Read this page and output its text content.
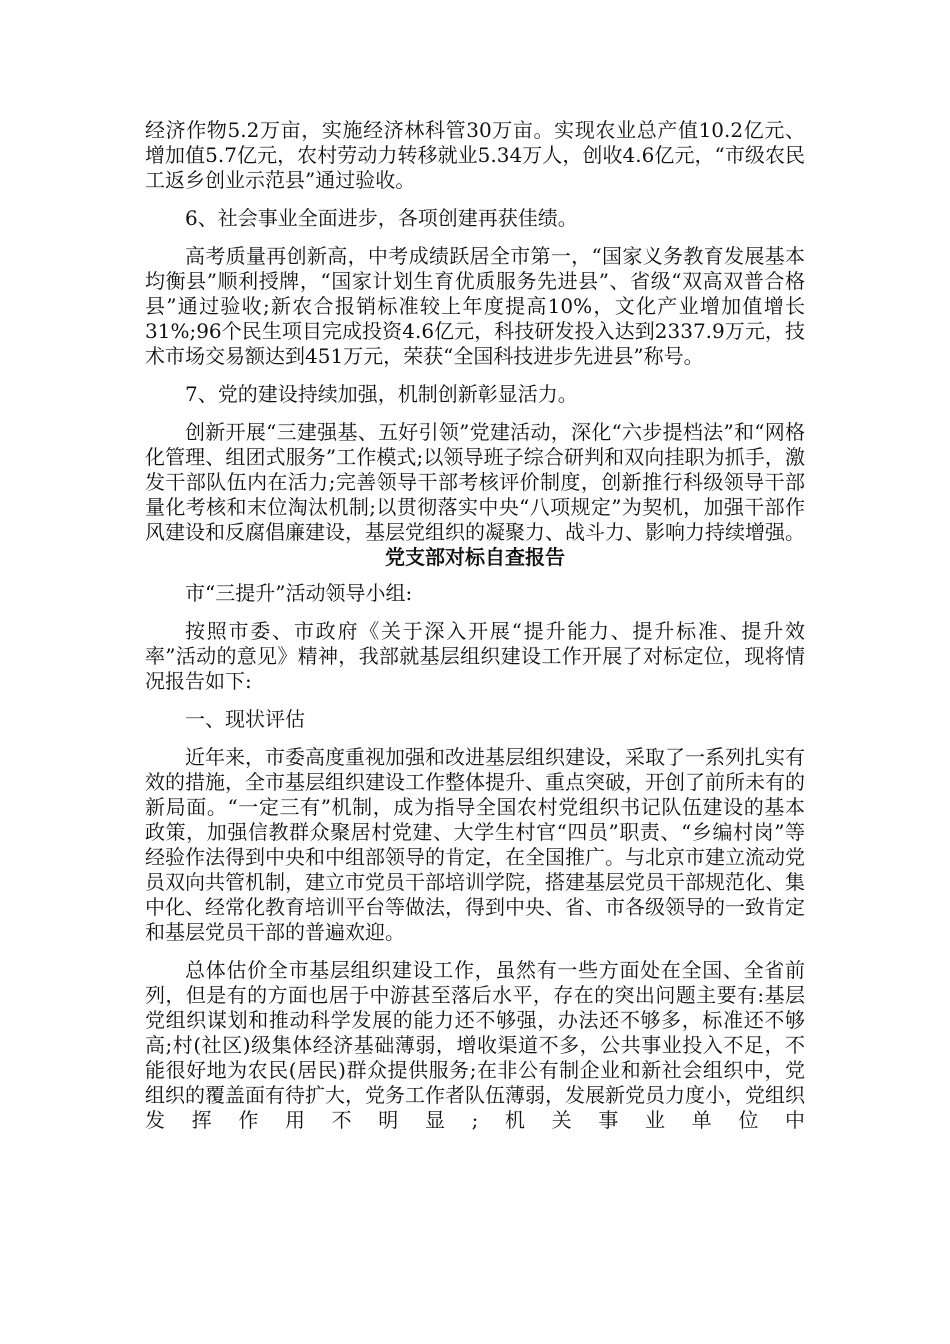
经济作物5.2万亩，实施经济林科管30万亩。实现农业总产值10.2亿元、增加值5.7亿元，农村劳动力转移就业5.34万人，创收4.6亿元，“市级农民工返乡创业示范县”通过验收。

6、社会事业全面进步，各项创建再获佳绩。

高考质量再创新高，中考成绩跃居全市第一，“国家义务教育发展基本均衡县”顺利授牌，“国家计划生育优质服务先进县”、省级“双高双普合格县”通过验收;新农合报销标准较上年度提高10%，文化产业增加值增长31%;96个民生项目完成投资4.6亿元，科技研发投入达到2337.9万元，技术市场交易额达到451万元，荣获“全国科技进步先进县”称号。

7、党的建设持续加强，机制创新彰显活力。

创新开展“三建强基、五好引领”党建活动，深化“六步提档法”和“网格化管理、组团式服务”工作模式;以领导班子综合研判和双向挂职为抓手，激发干部队伍内在活力;完善领导干部考核评价制度，创新推行科级领导干部量化考核和末位淘汰机制;以贯彻落实中央“八项规定”为契机，加强干部作风建设和反腐倡廉建设，基层党组织的凝聚力、战斗力、影响力持续增强。

党支部对标自查报告

市“三提升”活动领导小组:

按照市委、市政府《关于深入开展“提升能力、提升标准、提升效率”活动的意见》精神，我部就基层组织建设工作开展了对标定位，现将情况报告如下:

一、现状评估

近年来，市委高度重视加强和改进基层组织建设，采取了一系列扎实有效的措施，全市基层组织建设工作整体提升、重点突破，开创了前所未有的新局面。“一定三有”机制，成为指导全国农村党组织书记队伍建设的基本政策，加强信教群众聚居村党建、大学生村官“四员”职责、“乡编村岗”等经验作法得到中央和中组部领导的肯定，在全国推广。与北京市建立流动党员双向共管机制，建立市党员干部培训学院，搭建基层党员干部规范化、集中化、经常化教育培训平台等做法，得到中央、省、市各级领导的一致肯定和基层党员干部的普遍欢迎。

总体估价全市基层组织建设工作，虽然有一些方面处在全国、全省前列，但是有的方面也居于中游甚至落后水平，存在的突出问题主要有:基层党组织谋划和推动科学发展的能力还不够强，办法还不够多，标准还不够高;村(社区)级集体经济基础薄弱，增收渠道不多，公共事业投入不足，不能很好地为农民(居民)群众提供服务;在非公有制企业和新社会组织中，党组织的覆盖面有待扩大，党务工作者队伍薄弱，发展新党员力度小，党组织发挥作用不明显;机关事业单位中
